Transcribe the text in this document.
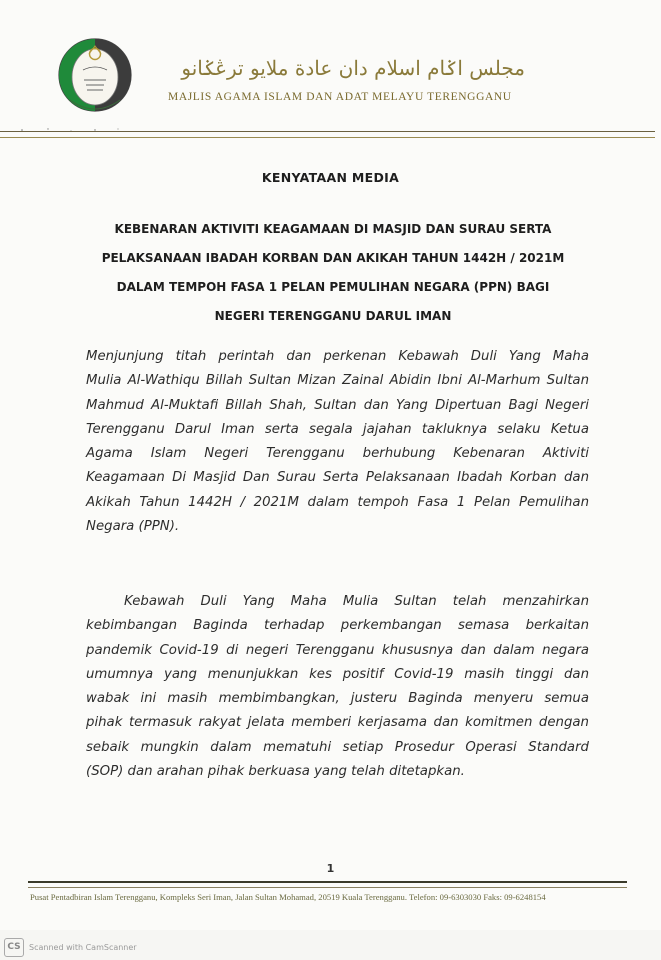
مجلس اݢام اسلام دان عادة ملايو ترڠݢانو
MAJLIS AGAMA ISLAM DAN ADAT MELAYU TERENGGANU
KENYATAAN MEDIA
KEBENARAN AKTIVITI KEAGAMAAN DI MASJID DAN SURAU SERTA
PELAKSANAAN IBADAH KORBAN DAN AKIKAH TAHUN 1442H / 2021M
DALAM TEMPOH FASA 1 PELAN PEMULIHAN NEGARA (PPN) BAGI
NEGERI TERENGGANU DARUL IMAN
Menjunjung titah perintah dan perkenan Kebawah Duli Yang Maha
Mulia Al-Wathiqu Billah Sultan Mizan Zainal Abidin Ibni Al-Marhum Sultan
Mahmud Al-Muktafi Billah Shah, Sultan dan Yang Dipertuan Bagi Negeri
Terengganu Darul Iman serta segala jajahan takluknya selaku Ketua
Agama Islam Negeri Terengganu berhubung Kebenaran Aktiviti
Keagamaan Di Masjid Dan Surau Serta Pelaksanaan Ibadah Korban dan
Akikah Tahun 1442H / 2021M dalam tempoh Fasa 1 Pelan Pemulihan
Negara (PPN).
Kebawah Duli Yang Maha Mulia Sultan telah menzahirkan
kebimbangan Baginda terhadap perkembangan semasa berkaitan
pandemik Covid-19 di negeri Terengganu khususnya dan dalam negara
umumnya yang menunjukkan kes positif Covid-19 masih tinggi dan
wabak ini masih membimbangkan, justeru Baginda menyeru semua
pihak termasuk rakyat jelata memberi kerjasama dan komitmen dengan
sebaik mungkin dalam mematuhi setiap Prosedur Operasi Standard
(SOP) dan arahan pihak berkuasa yang telah ditetapkan.
1
Pusat Pentadbiran Islam Terengganu, Kompleks Seri Iman, Jalan Sultan Mohamad, 20519 Kuala Terengganu. Telefon: 09-6303030 Faks: 09-6248154
CS	Scanned with CamScanner
